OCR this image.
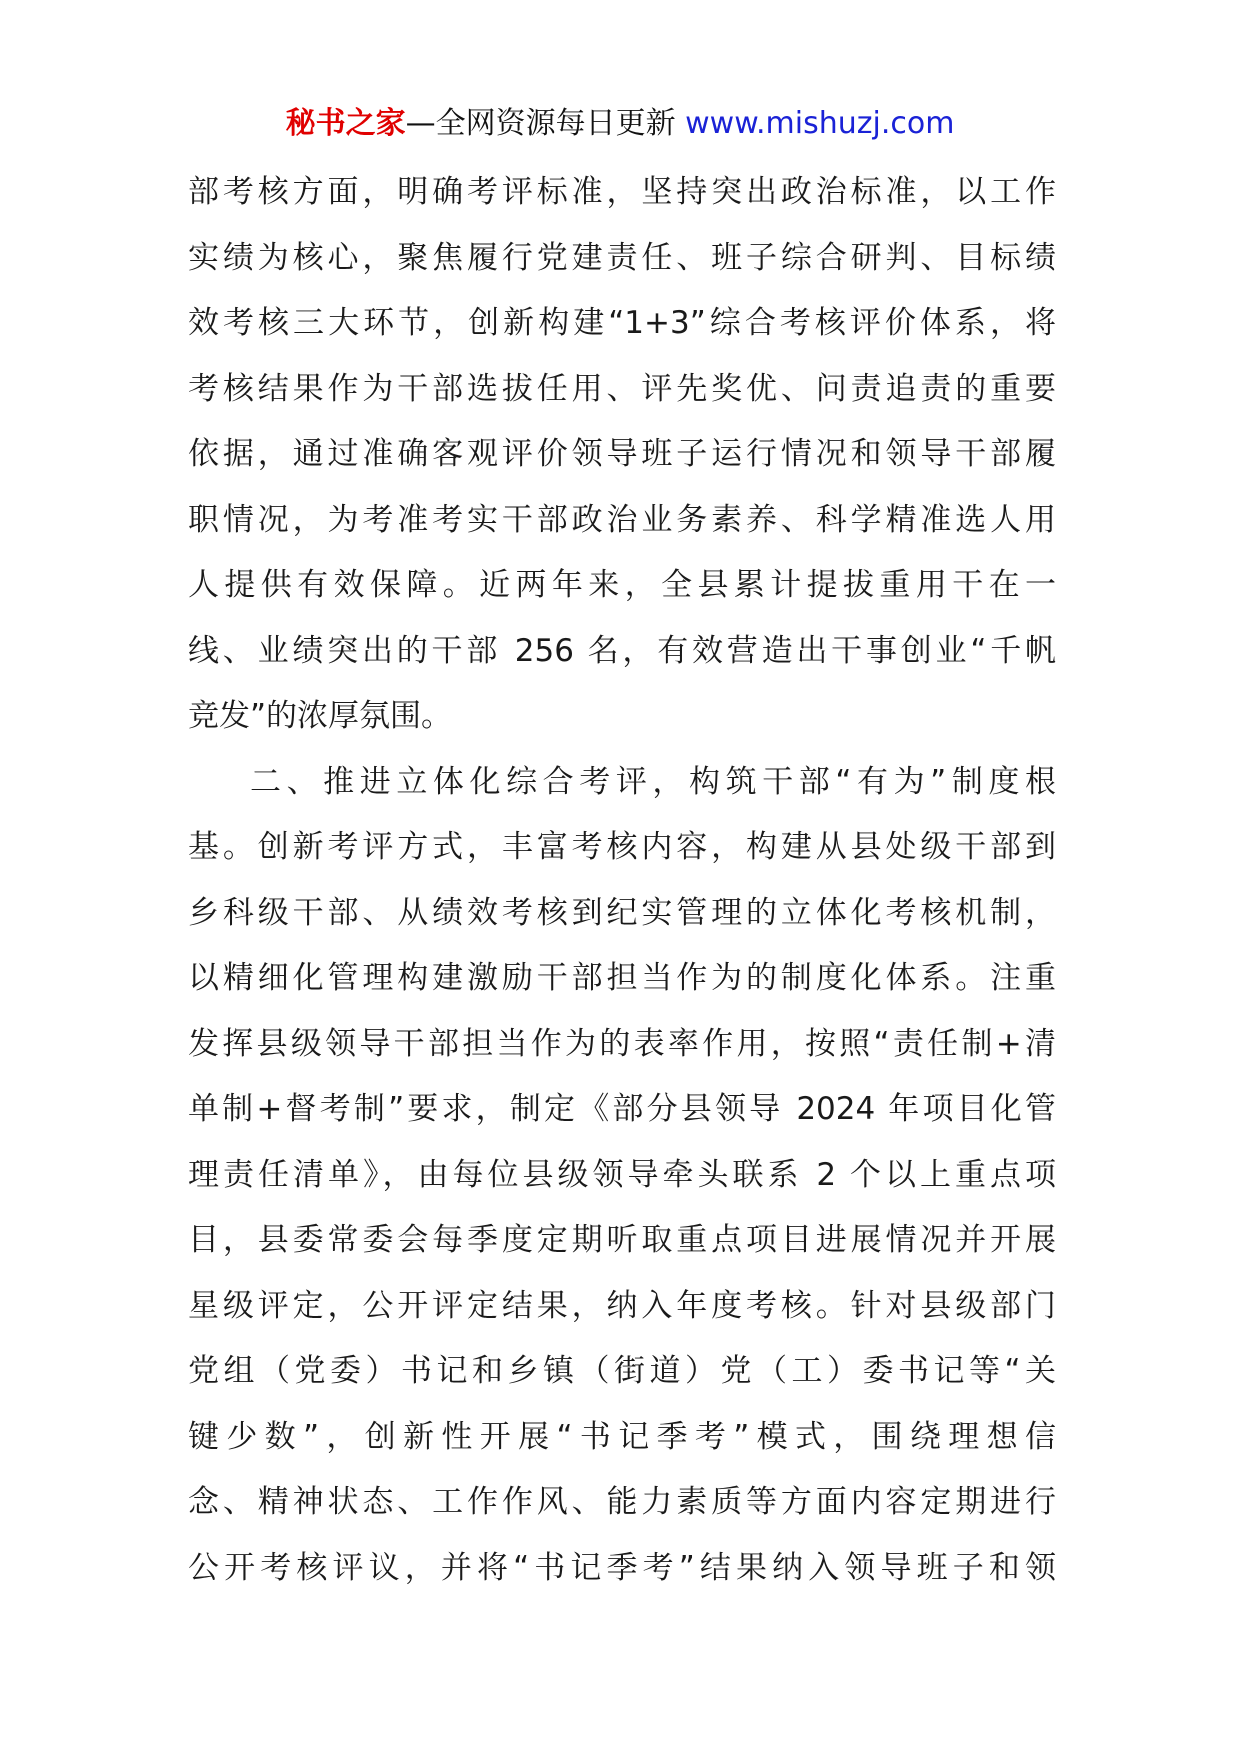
秘书之家—全网资源每日更新 www.mishuzj.com
部考核方面，明确考评标准，坚持突出政治标准，以工作
实绩为核心，聚焦履行党建责任、班子综合研判、目标绩
效考核三大环节，创新构建“1+3”综合考核评价体系，将
考核结果作为干部选拔任用、评先奖优、问责追责的重要
依据，通过准确客观评价领导班子运行情况和领导干部履
职情况，为考准考实干部政治业务素养、科学精准选人用
人提供有效保障。近两年来，全县累计提拔重用干在一
线、业绩突出的干部 256 名，有效营造出干事创业“千帆
竞发”的浓厚氛围。
二、推进立体化综合考评，构筑干部“有为”制度根
基。创新考评方式，丰富考核内容，构建从县处级干部到
乡科级干部、从绩效考核到纪实管理的立体化考核机制，
以精细化管理构建激励干部担当作为的制度化体系。注重
发挥县级领导干部担当作为的表率作用，按照“责任制+清
单制+督考制”要求，制定《部分县领导 2024 年项目化管
理责任清单》，由每位县级领导牵头联系 2 个以上重点项
目，县委常委会每季度定期听取重点项目进展情况并开展
星级评定，公开评定结果，纳入年度考核。针对县级部门
党组（党委）书记和乡镇（街道）党（工）委书记等“关
键少数”，创新性开展“书记季考”模式，围绕理想信
念、精神状态、工作作风、能力素质等方面内容定期进行
公开考核评议，并将“书记季考”结果纳入领导班子和领
